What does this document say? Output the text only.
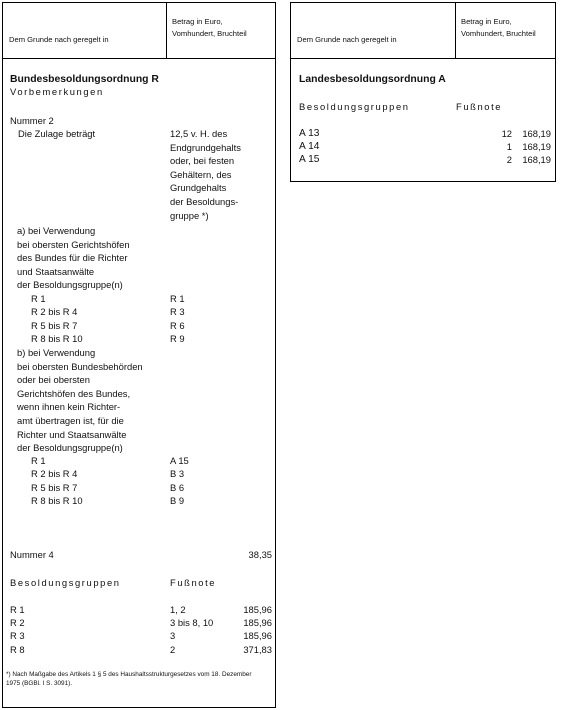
Dem Grunde nach geregelt in
Betrag in Euro,
Vomhundert, Bruchteil
Bundesbesoldungsordnung R
Vorbemerkungen
Nummer 2
Die Zulage beträgt	12,5 v. H. des
Endgrundgehalts
oder, bei festen
Gehältern, des
Grundgehalts
der Besoldungs-
gruppe *)
a) bei Verwendung
bei obersten Gerichtshöfen
des Bundes für die Richter
und Staatsanwälte
der Besoldungsgruppe(n)
R 1	R 1
R 2 bis R 4	R 3
R 5 bis R 7	R 6
R 8 bis R 10	R 9
b) bei Verwendung
bei obersten Bundesbehörden
oder bei obersten
Gerichtshöfen des Bundes,
wenn ihnen kein Richter-
amt übertragen ist, für die
Richter und Staatsanwälte
der Besoldungsgruppe(n)
R 1	A 15
R 2 bis R 4	B 3
R 5 bis R 7	B 6
R 8 bis R 10	B 9
Nummer 4	38,35
Besoldungsgruppen	Fußnote
R 1	1, 2	185,96
R 2	3 bis 8, 10	185,96
R 3	3	185,96
R 8	2	371,83
*) Nach Maßgabe des Artikels 1 § 5 des Haushaltsstrukturgesetzes vom 18. Dezember
1975 (BGBl. I S. 3091).
Dem Grunde nach geregelt in
Betrag in Euro,
Vomhundert, Bruchteil
Landesbesoldungsordnung A
Besoldungsgruppen	Fußnote
A 13	12 168,19
A 14	1 168,19
A 15	2 168,19
